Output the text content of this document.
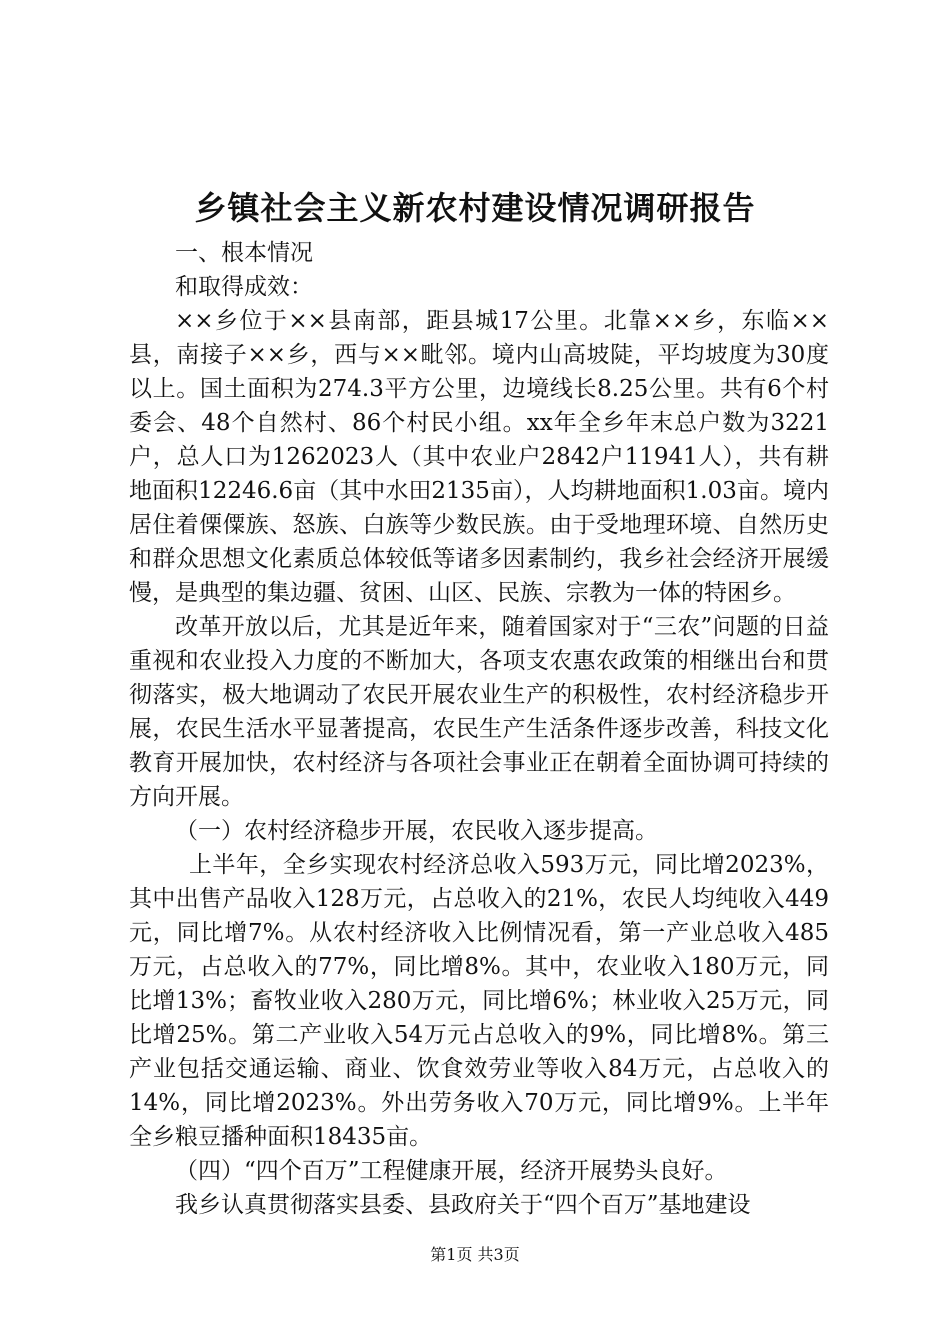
乡镇社会主义新农村建设情况调研报告

一、根本情况

和取得成效：

××乡位于××县南部，距县城17公里。北靠××乡，东临××县，南接子××乡，西与××毗邻。境内山高坡陡，平均坡度为30度以上。国土面积为274.3平方公里，边境线长8.25公里。共有6个村委会、48个自然村、86个村民小组。xx年全乡年末总户数为3221户，总人口为1262023人（其中农业户2842户11941人），共有耕地面积12246.6亩（其中水田2135亩），人均耕地面积1.03亩。境内居住着傈僳族、怒族、白族等少数民族。由于受地理环境、自然历史和群众思想文化素质总体较低等诸多因素制约，我乡社会经济开展缓慢，是典型的集边疆、贫困、山区、民族、宗教为一体的特困乡。

改革开放以后，尤其是近年来，随着国家对于“三农”问题的日益重视和农业投入力度的不断加大，各项支农惠农政策的相继出台和贯彻落实，极大地调动了农民开展农业生产的积极性，农村经济稳步开展，农民生活水平显著提高，农民生产生活条件逐步改善，科技文化教育开展加快，农村经济与各项社会事业正在朝着全面协调可持续的方向开展。

（一）农村经济稳步开展，农民收入逐步提高。

上半年，全乡实现农村经济总收入593万元，同比增2023%，其中出售产品收入128万元，占总收入的21%，农民人均纯收入449元，同比增7%。从农村经济收入比例情况看，第一产业总收入485万元，占总收入的77%，同比增8%。其中，农业收入180万元，同比增13%；畜牧业收入280万元，同比增6%；林业收入25万元，同比增25%。第二产业收入54万元占总收入的9%，同比增8%。第三产业包括交通运输、商业、饮食效劳业等收入84万元，占总收入的14%，同比增2023%。外出劳务收入70万元，同比增9%。上半年全乡粮豆播种面积18435亩。

（四）“四个百万”工程健康开展，经济开展势头良好。

我乡认真贯彻落实县委、县政府关于“四个百万”基地建设

第1页 共3页
